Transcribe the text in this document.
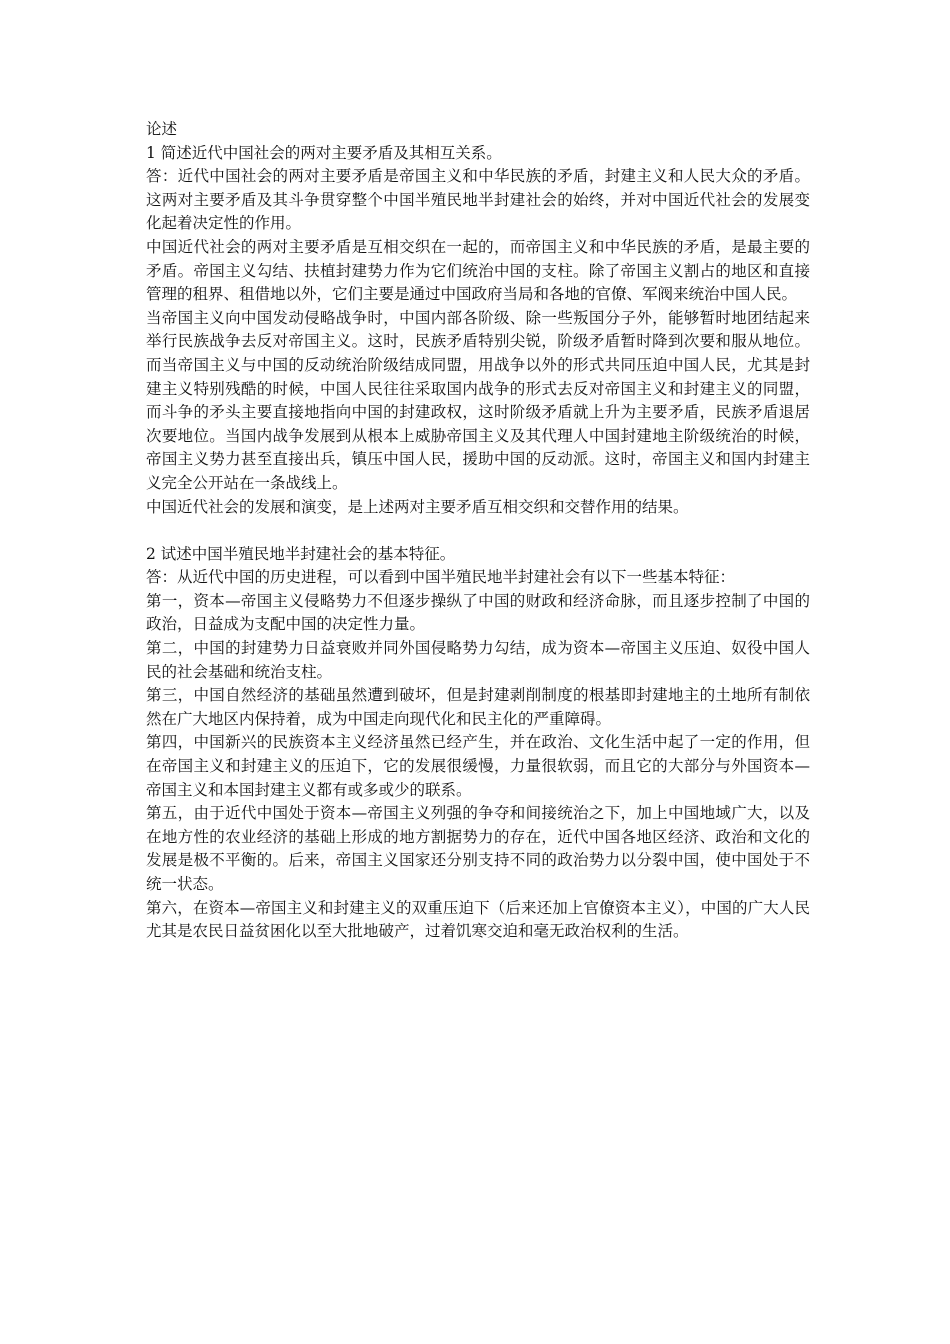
论述

1 简述近代中国社会的两对主要矛盾及其相互关系。

答：近代中国社会的两对主要矛盾是帝国主义和中华民族的矛盾，封建主义和人民大众的矛盾。这两对主要矛盾及其斗争贯穿整个中国半殖民地半封建社会的始终，并对中国近代社会的发展变化起着决定性的作用。

中国近代社会的两对主要矛盾是互相交织在一起的，而帝国主义和中华民族的矛盾，是最主要的矛盾。帝国主义勾结、扶植封建势力作为它们统治中国的支柱。除了帝国主义割占的地区和直接管理的租界、租借地以外，它们主要是通过中国政府当局和各地的官僚、军阀来统治中国人民。

当帝国主义向中国发动侵略战争时，中国内部各阶级、除一些叛国分子外，能够暂时地团结起来举行民族战争去反对帝国主义。这时，民族矛盾特别尖锐，阶级矛盾暂时降到次要和服从地位。而当帝国主义与中国的反动统治阶级结成同盟，用战争以外的形式共同压迫中国人民，尤其是封建主义特别残酷的时候，中国人民往往采取国内战争的形式去反对帝国主义和封建主义的同盟，而斗争的矛头主要直接地指向中国的封建政权，这时阶级矛盾就上升为主要矛盾，民族矛盾退居次要地位。当国内战争发展到从根本上威胁帝国主义及其代理人中国封建地主阶级统治的时候，帝国主义势力甚至直接出兵，镇压中国人民，援助中国的反动派。这时，帝国主义和国内封建主义完全公开站在一条战线上。

中国近代社会的发展和演变，是上述两对主要矛盾互相交织和交替作用的结果。

2 试述中国半殖民地半封建社会的基本特征。

答：从近代中国的历史进程，可以看到中国半殖民地半封建社会有以下一些基本特征：

第一，资本—帝国主义侵略势力不但逐步操纵了中国的财政和经济命脉，而且逐步控制了中国的政治，日益成为支配中国的决定性力量。

第二，中国的封建势力日益衰败并同外国侵略势力勾结，成为资本—帝国主义压迫、奴役中国人民的社会基础和统治支柱。

第三，中国自然经济的基础虽然遭到破坏，但是封建剥削制度的根基即封建地主的土地所有制依然在广大地区内保持着，成为中国走向现代化和民主化的严重障碍。

第四，中国新兴的民族资本主义经济虽然已经产生，并在政治、文化生活中起了一定的作用，但在帝国主义和封建主义的压迫下，它的发展很缓慢，力量很软弱，而且它的大部分与外国资本—帝国主义和本国封建主义都有或多或少的联系。

第五，由于近代中国处于资本—帝国主义列强的争夺和间接统治之下，加上中国地域广大，以及在地方性的农业经济的基础上形成的地方割据势力的存在，近代中国各地区经济、政治和文化的发展是极不平衡的。后来，帝国主义国家还分别支持不同的政治势力以分裂中国，使中国处于不统一状态。

第六，在资本—帝国主义和封建主义的双重压迫下（后来还加上官僚资本主义），中国的广大人民尤其是农民日益贫困化以至大批地破产，过着饥寒交迫和毫无政治权利的生活。
